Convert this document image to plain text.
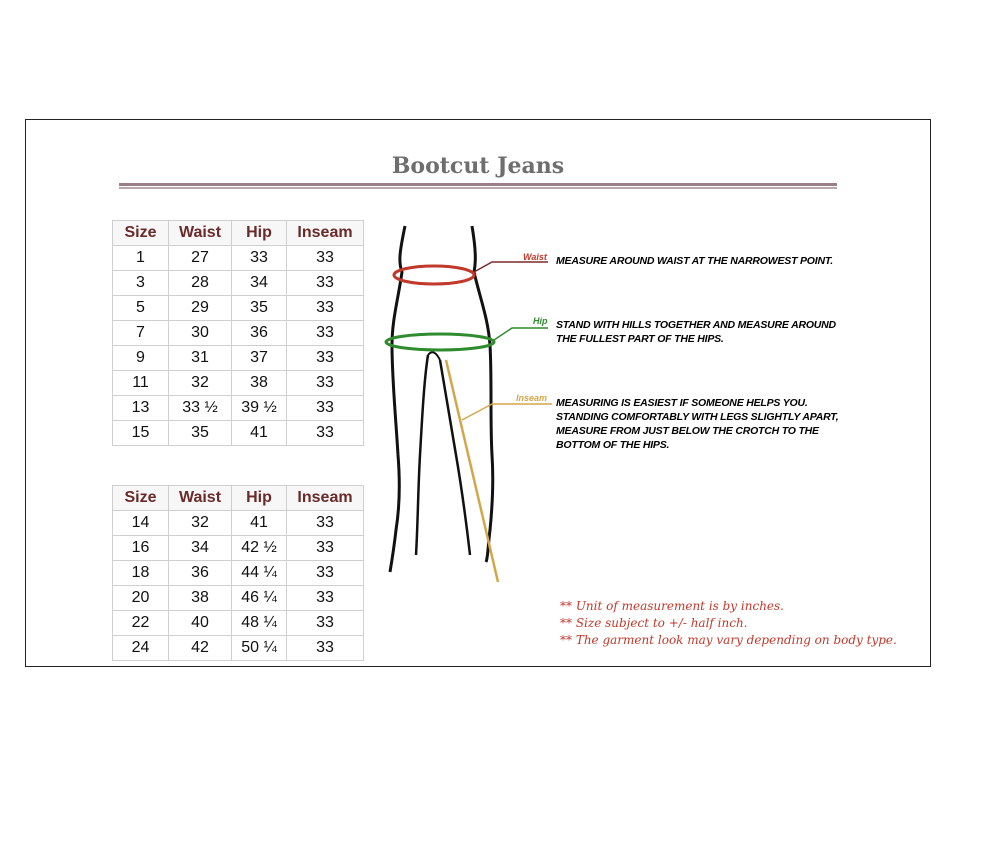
Bootcut Jeans
Size	Waist	Hip	Inseam
1	27	33	33
3	28	34	33
5	29	35	33
7	30	36	33
9	31	37	33
11	32	38	33
13	33 ½	39 ½	33
15	35	41	33
Size	Waist	Hip	Inseam
14	32	41	33
16	34	42 ½	33
18	36	44 ¼	33
20	38	46 ¼	33
22	40	48 ¼	33
24	42	50 ¼	33
Waist MEASURE AROUND WAIST AT THE NARROWEST POINT.
Hip STAND WITH HILLS TOGETHER AND MEASURE AROUND
THE FULLEST PART OF THE HIPS.
Inseam MEASURING IS EASIEST IF SOMEONE HELPS YOU.
STANDING COMFORTABLY WITH LEGS SLIGHTLY APART,
MEASURE FROM JUST BELOW THE CROTCH TO THE
BOTTOM OF THE HIPS.
** Unit of measurement is by inches.
** Size subject to +/- half inch.
** The garment look may vary depending on body type.
